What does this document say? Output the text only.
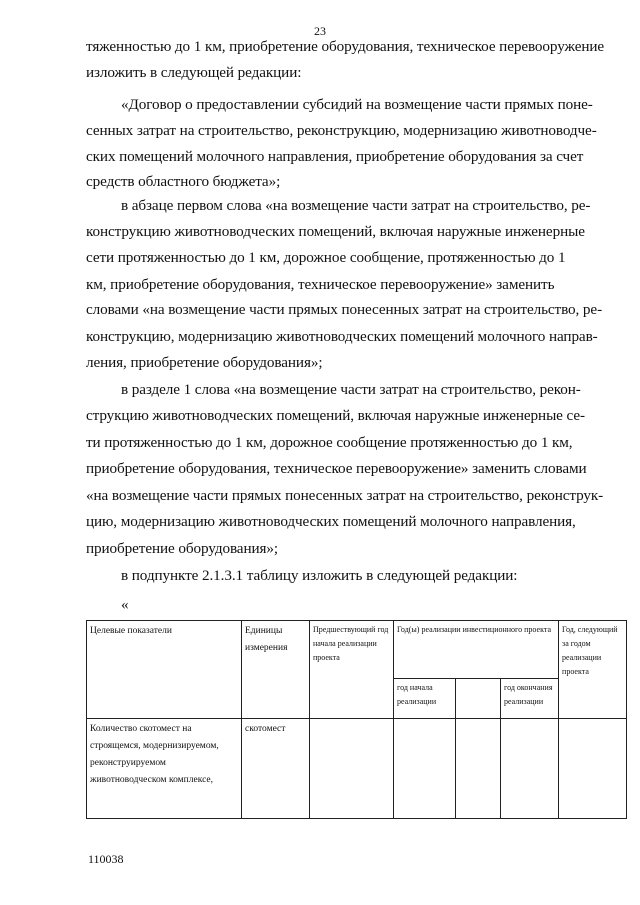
23
тяженностью до 1 км, приобретение оборудования, техническое перевооружение
изложить в следующей редакции:
«Договор о предоставлении субсидий на возмещение части прямых поне-
сенных затрат на строительство, реконструкцию, модернизацию животноводче-
ских помещений молочного направления, приобретение оборудования за счет
средств областного бюджета»;
в абзаце первом слова «на возмещение части затрат на строительство, ре-
конструкцию животноводческих помещений, включая наружные инженерные
сети протяженностью до 1 км, дорожное сообщение, протяженностью до 1
км, приобретение оборудования, техническое перевооружение» заменить
словами «на возмещение части прямых понесенных затрат на строительство, ре-
конструкцию, модернизацию животноводческих помещений молочного направ-
ления, приобретение оборудования»;
в разделе 1 слова «на возмещение части затрат на строительство, рекон-
струкцию животноводческих помещений, включая наружные инженерные се-
ти протяженностью до 1 км, дорожное сообщение протяженностью до 1 км,
приобретение оборудования, техническое перевооружение» заменить словами
«на возмещение части прямых понесенных затрат на строительство, реконструк-
цию, модернизацию животноводческих помещений молочного направления,
приобретение оборудования»;
в подпункте 2.1.3.1 таблицу изложить в следующей редакции:
«
Целевые показатели	Единицы измерения	Предшествующий год начала реализации проекта	Год(ы) реализации инвестиционного проекта			Год, следующий за годом реализации проекта
			год начала реализации		год окончания реализации	
Количество скотомест на строящемся, модернизируемом, реконструируемом животноводческом комплексе,	скотомест					
110038
